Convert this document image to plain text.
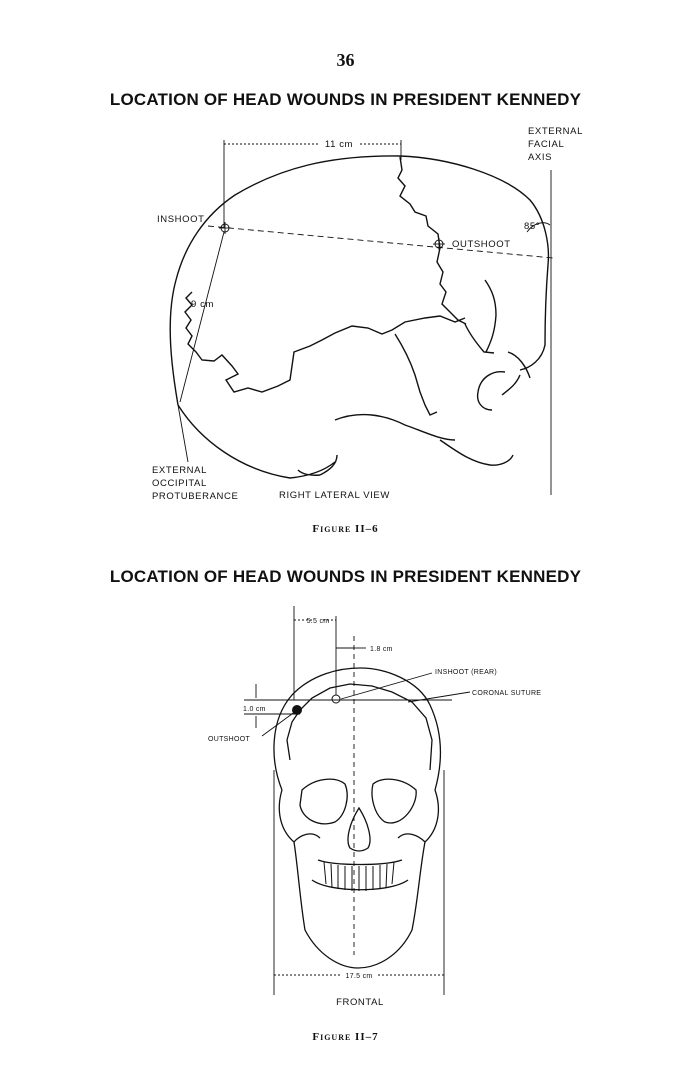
36
LOCATION OF HEAD WOUNDS IN PRESIDENT KENNEDY
11 cm
EXTERNAL
FACIAL
AXIS
INSHOOT
OUTSHOOT
85°
9 cm
EXTERNAL
OCCIPITAL
PROTUBERANCE	RIGHT LATERAL VIEW
5.5 cm
1.8 cm
INSHOOT (REAR)
CORONAL SUTURE
1.0 cm
OUTSHOOT
17.5 cm
FRONTAL
Figure II–6
LOCATION OF HEAD WOUNDS IN PRESIDENT KENNEDY
Figure II–7
